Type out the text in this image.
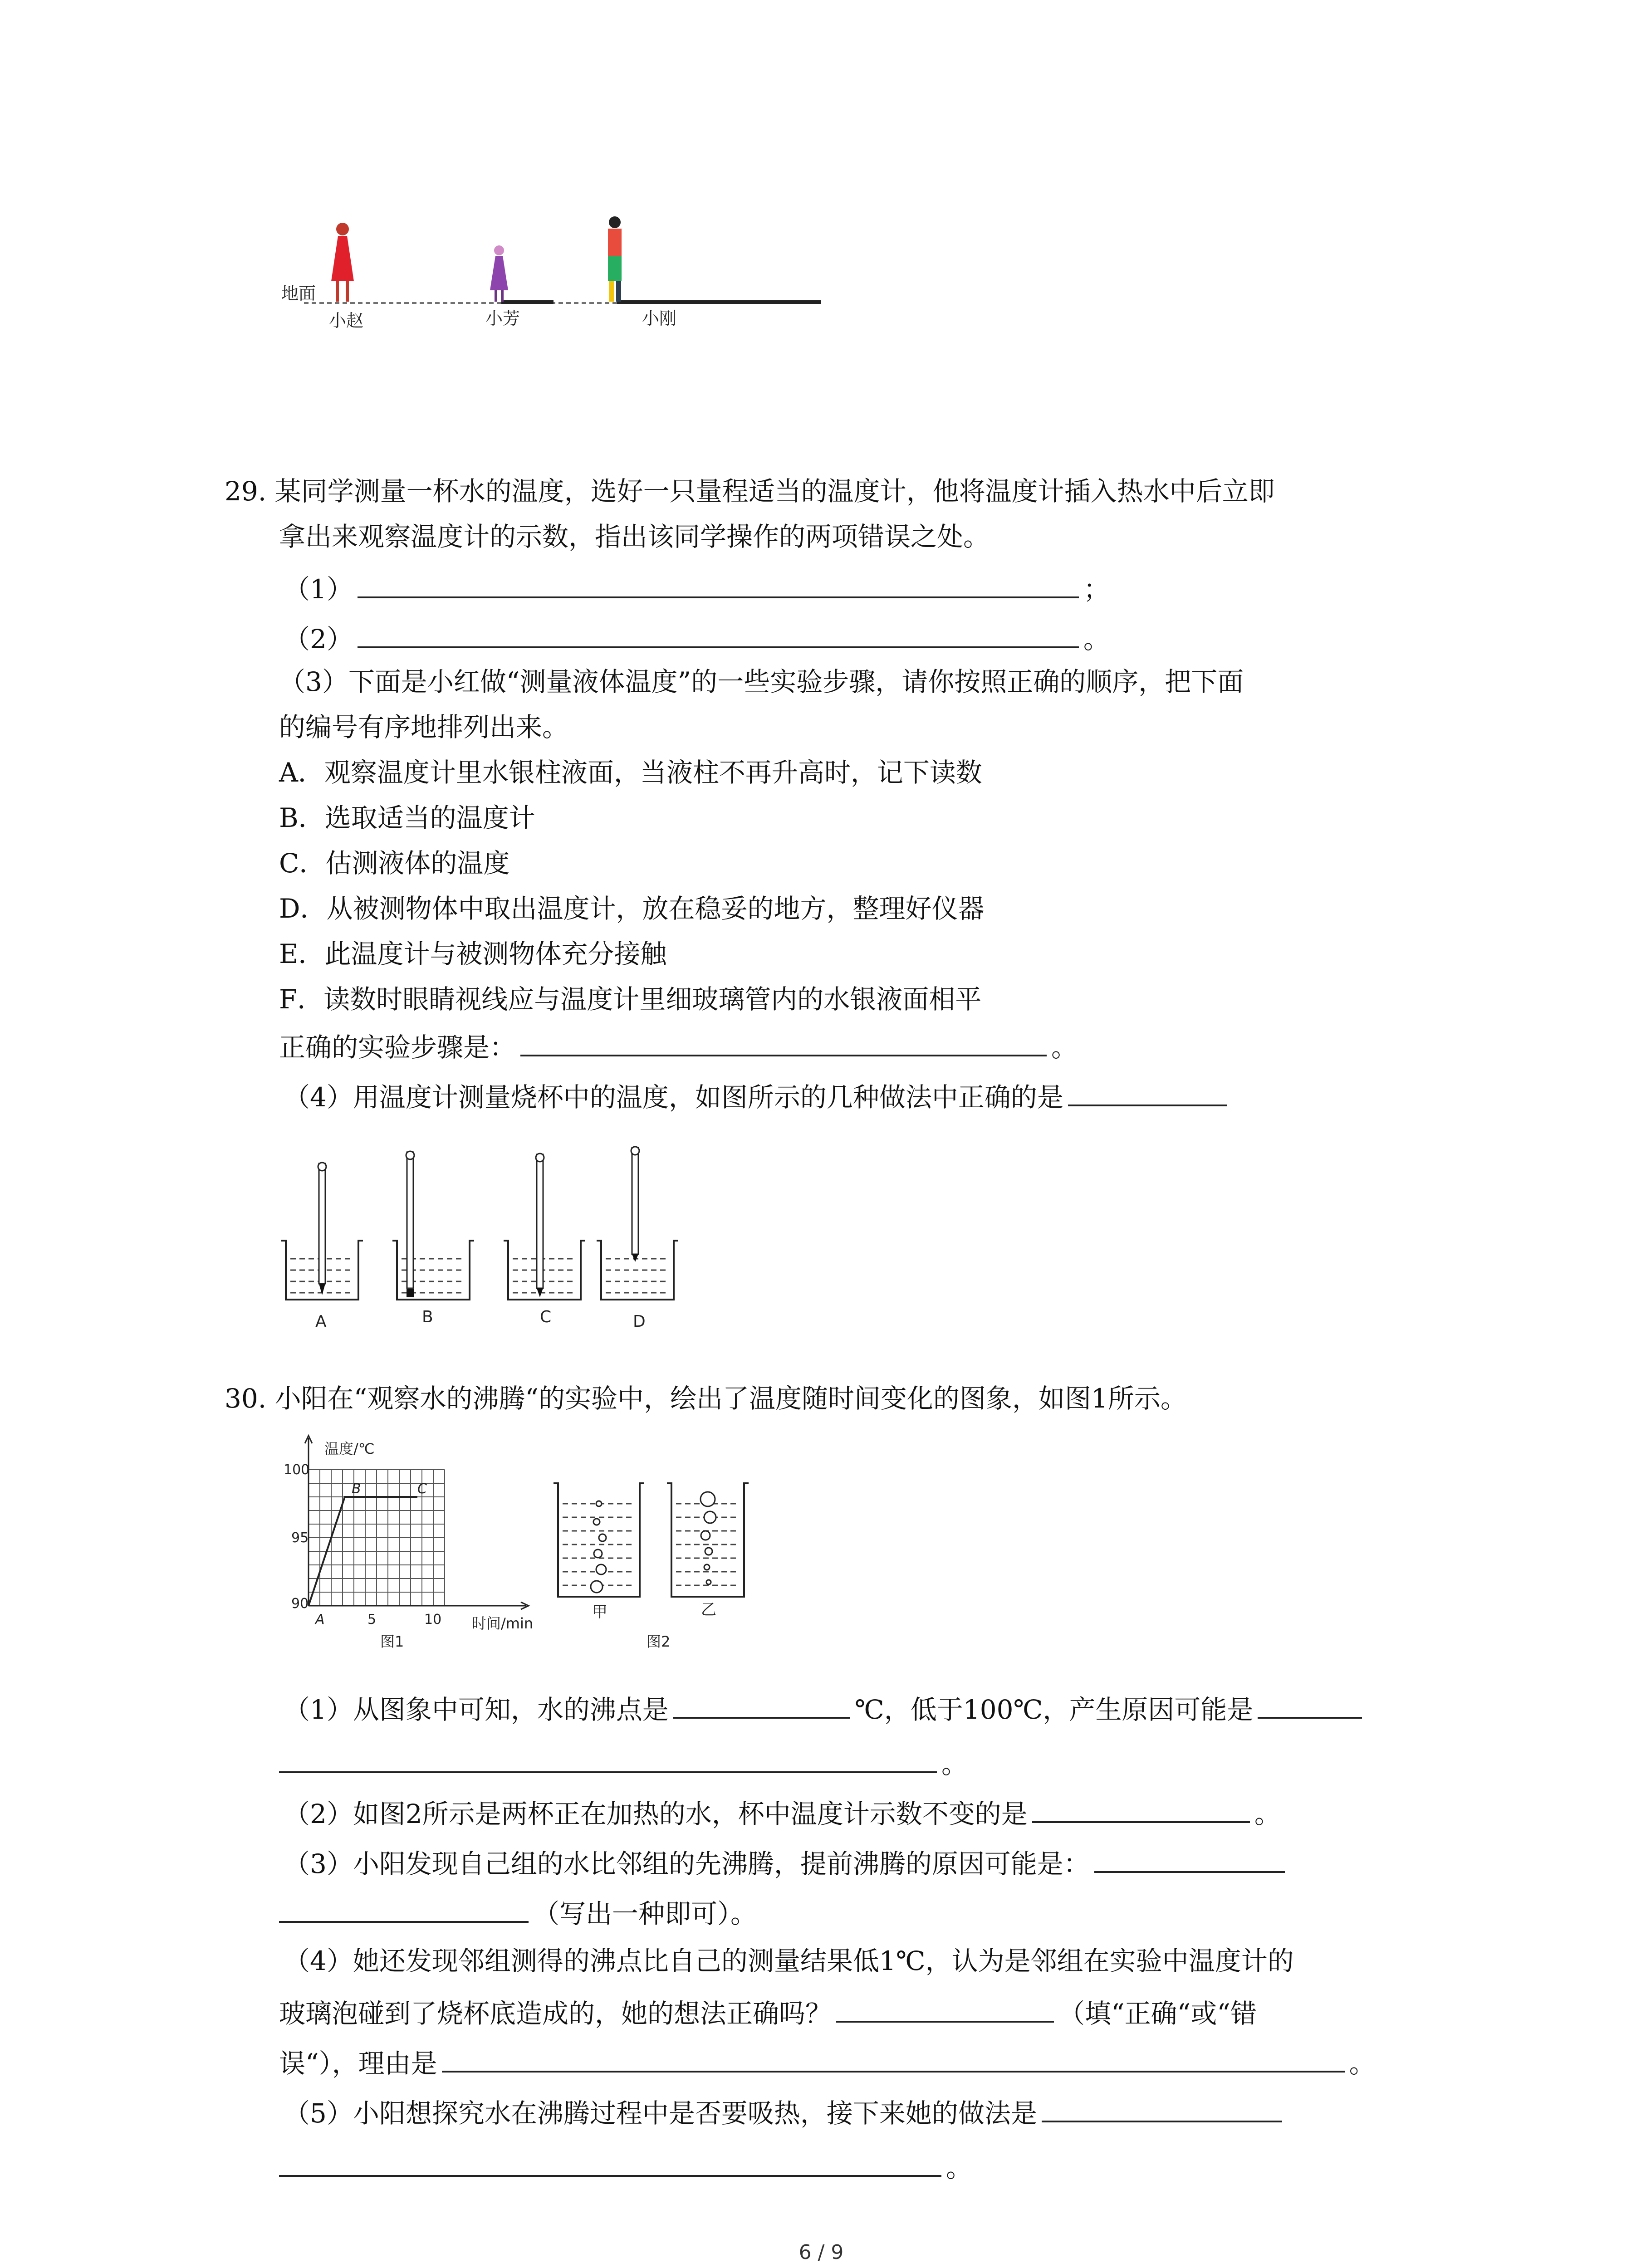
地面
小赵	小芳	小刚
29. 某同学测量一杯水的温度，选好一只量程适当的温度计，他将温度计插入热水中后立即
拿出来观察温度计的示数，指出该同学操作的两项错误之处。
（1）	；
（2）	。
（3）下面是小红做“测量液体温度”的一些实验步骤，请你按照正确的顺序，把下面
的编号有序地排列出来。
A．观察温度计里水银柱液面，当液柱不再升高时，记下读数
B．选取适当的温度计
C．估测液体的温度
D．从被测物体中取出温度计，放在稳妥的地方，整理好仪器
E．此温度计与被测物体充分接触
F．读数时眼睛视线应与温度计里细玻璃管内的水银液面相平
正确的实验步骤是：	。
（4）用温度计测量烧杯中的温度，如图所示的几种做法中正确的是
A	B	C	D
30. 小阳在“观察水的沸腾“的实验中，绘出了温度随时间变化的图象，如图1所示。
温度/℃
时间/min
100
95
90
5	10
A
B	C
图1
甲	乙
图2
（1）从图象中可知，水的沸点是	℃，低于100℃，产生原因可能是
。
（2）如图2所示是两杯正在加热的水，杯中温度计示数不变的是	。
（3）小阳发现自己组的水比邻组的先沸腾，提前沸腾的原因可能是：
（写出一种即可）。
（4）她还发现邻组测得的沸点比自己的测量结果低1℃，认为是邻组在实验中温度计的
玻璃泡碰到了烧杯底造成的，她的想法正确吗？	（填“正确“或“错
误“），理由是	。
（5）小阳想探究水在沸腾过程中是否要吸热，接下来她的做法是
。
6 / 9
